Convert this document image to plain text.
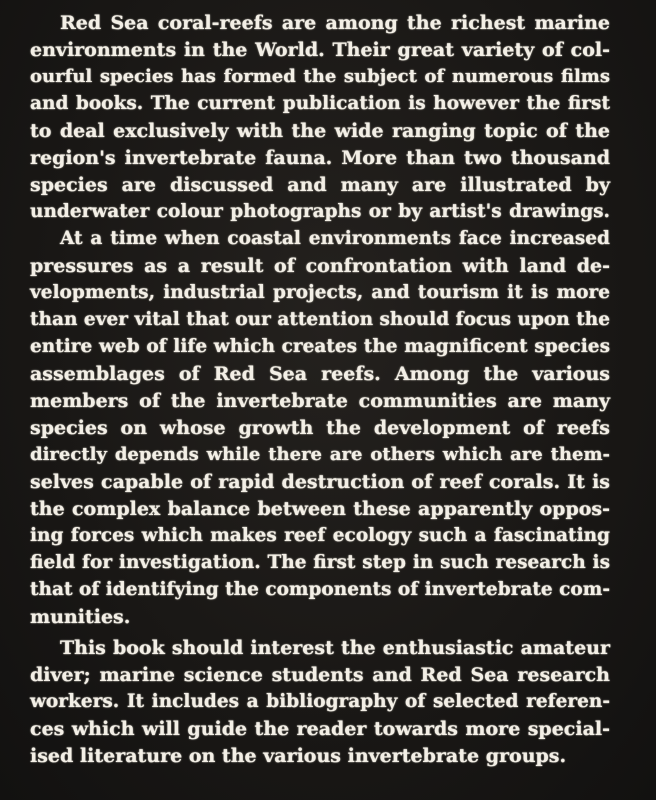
Red Sea coral-reefs are among the richest marine
environments in the World. Their great variety of col-
ourful species has formed the subject of numerous films
and books. The current publication is however the first
to deal exclusively with the wide ranging topic of the
region's invertebrate fauna. More than two thousand
species are discussed and many are illustrated by
underwater colour photographs or by artist's drawings.
At a time when coastal environments face increased
pressures as a result of confrontation with land de-
velopments, industrial projects, and tourism it is more
than ever vital that our attention should focus upon the
entire web of life which creates the magnificent species
assemblages of Red Sea reefs. Among the various
members of the invertebrate communities are many
species on whose growth the development of reefs
directly depends while there are others which are them-
selves capable of rapid destruction of reef corals. It is
the complex balance between these apparently oppos-
ing forces which makes reef ecology such a fascinating
field for investigation. The first step in such research is
that of identifying the components of invertebrate com-
munities.
This book should interest the enthusiastic amateur
diver; marine science students and Red Sea research
workers. It includes a bibliography of selected referen-
ces which will guide the reader towards more special-
ised literature on the various invertebrate groups.
